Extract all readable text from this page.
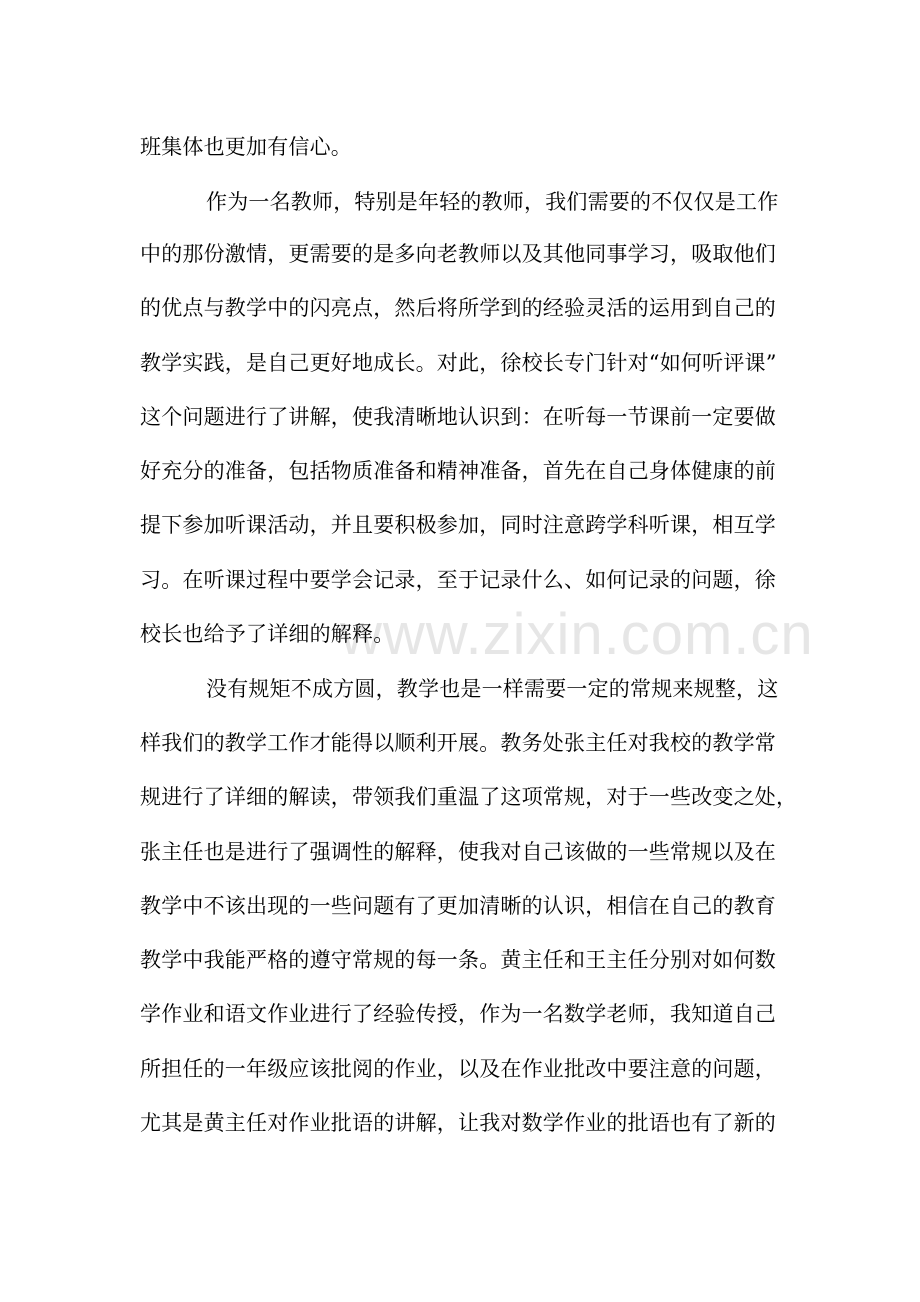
www.zixin.com.cn
班集体也更加有信心。
作为一名教师，特别是年轻的教师，我们需要的不仅仅是工作
中的那份激情，更需要的是多向老教师以及其他同事学习，吸取他们
的优点与教学中的闪亮点，然后将所学到的经验灵活的运用到自己的
教学实践，是自己更好地成长。对此，徐校长专门针对“如何听评课”
这个问题进行了讲解，使我清晰地认识到：在听每一节课前一定要做
好充分的准备，包括物质准备和精神准备，首先在自己身体健康的前
提下参加听课活动，并且要积极参加，同时注意跨学科听课，相互学
习。在听课过程中要学会记录，至于记录什么、如何记录的问题，徐
校长也给予了详细的解释。
没有规矩不成方圆，教学也是一样需要一定的常规来规整，这
样我们的教学工作才能得以顺利开展。教务处张主任对我校的教学常
规进行了详细的解读，带领我们重温了这项常规，对于一些改变之处，
张主任也是进行了强调性的解释，使我对自己该做的一些常规以及在
教学中不该出现的一些问题有了更加清晰的认识，相信在自己的教育
教学中我能严格的遵守常规的每一条。黄主任和王主任分别对如何数
学作业和语文作业进行了经验传授，作为一名数学老师，我知道自己
所担任的一年级应该批阅的作业，以及在作业批改中要注意的问题，
尤其是黄主任对作业批语的讲解，让我对数学作业的批语也有了新的
